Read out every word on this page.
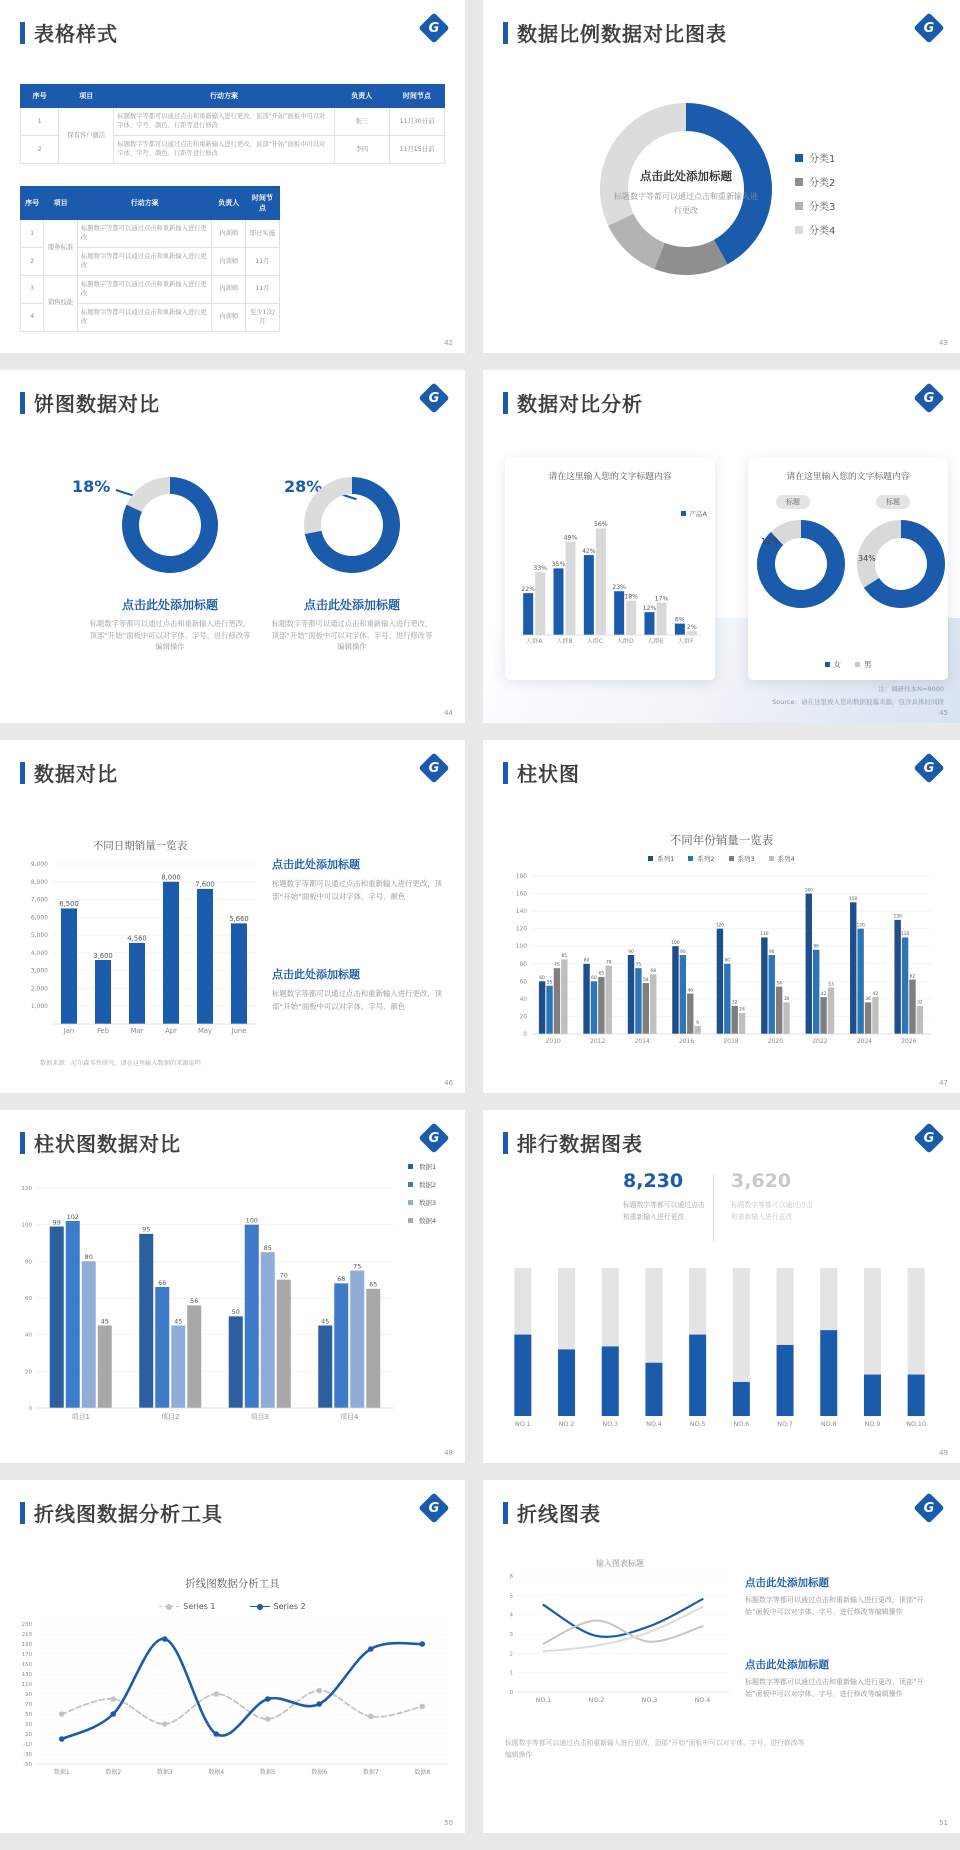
表格样式	G
序号	项目	行动方案	负责人	时间节点
1	保有客户激活	标题数字等都可以通过点击和重新输入进行更改，顶部“开始”面板中可以对字体、字号、颜色、行距等进行修改	张三	11月30日前
2		标题数字等都可以通过点击和重新输入进行更改，顶部“开始”面板中可以对字体、字号、颜色、行距等进行修改	李四	11月15日前
序号	项目	行动方案	负责人	时间节点
1	服务标准	标题数字等都可以通过点击和重新输入进行更改	内训师	即日实施
2		标题数字等都可以通过点击和重新输入进行更改	内训师	11月
3	销售技能	标题数字等都可以通过点击和重新输入进行更改	内训师	11月
4		标题数字等都可以通过点击和重新输入进行更改	内训师	至少1次/月
42
数据比例数据对比图表	G
点击此处添加标题
标题数字等都可以通过点击和重新输入进行更改
分类1
分类2
分类3
分类4
43
饼图数据对比	G
18%	28%
点击此处添加标题
标题数字等都可以通过点击和重新输入进行更改，顶部“开始”面板中可以对字体、字号、进行修改等编辑操作
点击此处添加标题
标题数字等都可以通过点击和重新输入进行更改，顶部“开始”面板中可以对字体、字号、进行修改等编辑操作
44
数据对比分析	G
请在这里输入您的文字标题内容
22%
33%
人群A
35%
49%
人群B
42%
56%
人群C
23%
18%
人群D
12%
17%
人群E
6%
2%
人群F
产品A
请在这里输入您的文字标题内容
标题	标题
12%
34%
女	男
注：调研样本N=9000
Source：请在这里放入您的数据披露来源，包含具体时间段
45
数据对比	G
不同日期销量一览表
9,000
8,000
7,000
6,000
5,000
4,000
3,000
2,000
1,000
6,500
Jan
3,600
Feb
4,560
Mar
8,000
Apr
7,600
May
5,660
June
数据来源：尼尔森零售研究，请在这里输入数据的来源说明
点击此处添加标题
标题数字等都可以通过点击和重新输入进行更改，顶部“开始”面板中可以对字体、字号、颜色
点击此处添加标题
标题数字等都可以通过点击和重新输入进行更改，顶部“开始”面板中可以对字体、字号、颜色
46
柱状图	G
不同年份销量一览表
系列1	系列2	系列3	系列4
0
20
40
60
80
100
120
140
160
180
60
55
75
85
2010
80
60
65
78
2012
90
75
58
68
2014
100
90
46
9
2016
120
80
32
24
2018
110
90
54
36
2020
160
96
42
53
2022
150
120
36
42
2024
130
110
62
32
2026
47
柱状图数据对比	G
0
20
40
60
80
100
120
99
102
80
45
项目1
95
66
45
56
项目2
50
100
85
70
项目3
45
68
75
65
项目4
数据1
数据2
数据3
数据4
48
排行数据图表	G
8,230
标题数字等都可以通过点击和重新输入进行更改
3,620
标题数字等都可以通过点击和重新输入进行更改
NO.1	NO.2	NO.3	NO.4	NO.5	NO.6	NO.7	NO.8	NO.9	NO.10
49
折线图数据分析工具	G
折线图数据分析工具
Series 1	Series 2
230
210
190
170
150
130
110
90
70
50
30
10
-10
-30
-50
数据1	数据2	数据3	数据4	数据5	数据6	数据7	数据8
50
折线图表	G
输入图表标题
6
5
4
3
2
1
0
NO.1	NO.2	NO.3	NO.4
点击此处添加标题
标题数字等都可以通过点击和重新输入进行更改，顶部“开始”面板中可以对字体、字号，进行修改等编辑操作
点击此处添加标题
标题数字等都可以通过点击和重新输入进行更改，顶部“开始”面板中可以对字体、字号，进行修改等编辑操作
标题数字等都可以通过点击和重新输入进行更改，顶部“开始”面板中可以对字体、字号、进行修改等编辑操作
51
